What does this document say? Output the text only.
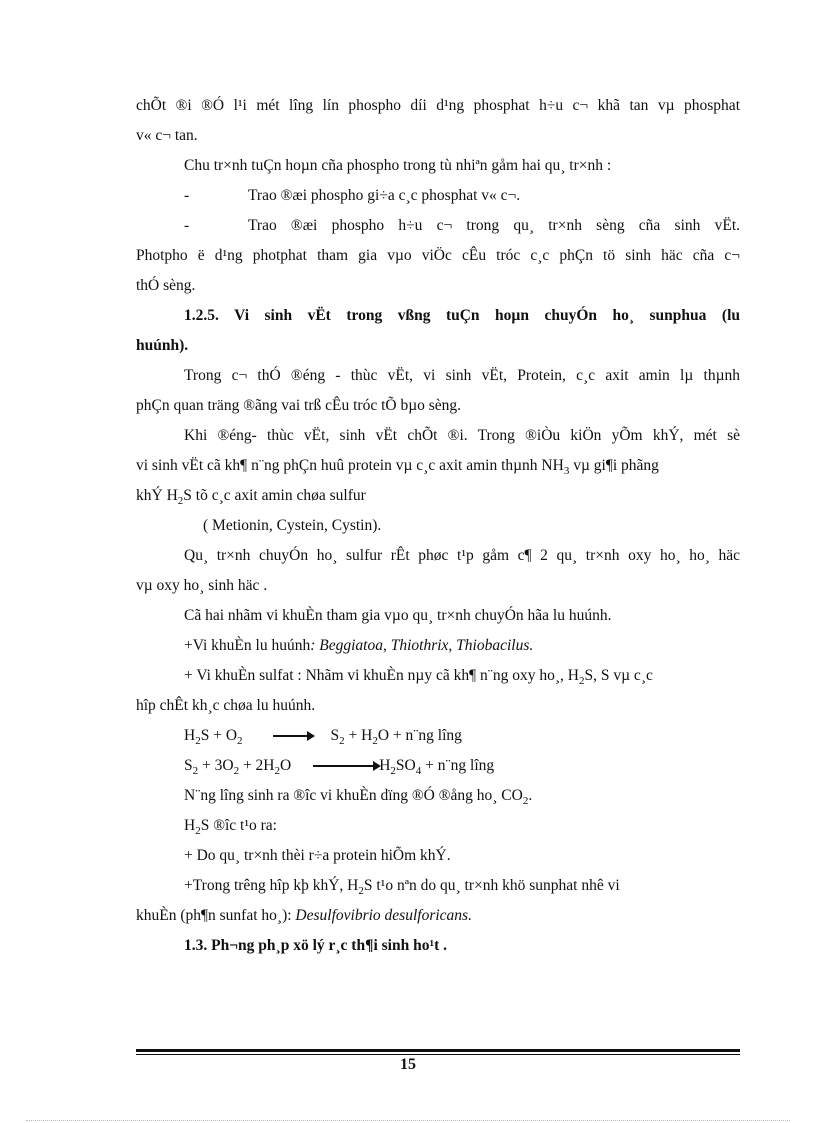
chÕt ®i ®Ó l¹i mét lîng lín phospho díi d¹ng phosphat h÷u c¬ khã tan vµ phosphat
v« c¬ tan.
Chu tr×nh tuÇn hoµn cña phospho trong tù nhiªn gåm hai qu¸ tr×nh :
-	Trao ®æi phospho gi÷a c¸c phosphat v« c¬.
-	Trao ®æi phospho h÷u c¬ trong qu¸ tr×nh sèng cña sinh vËt.
Photpho ë d¹ng photphat tham gia vµo viÖc cÊu tróc c¸c phÇn tö sinh häc cña c¬
thÓ sèng.
1.2.5. Vi sinh vËt trong vßng tuÇn hoµn chuyÓn ho¸ sunphua (lu
huúnh).
Trong c¬ thÓ ®éng - thùc vËt, vi sinh vËt, Protein, c¸c axit amin lµ thµnh
phÇn quan träng ®ãng vai trß cÊu tróc tÕ bµo sèng.
Khi ®éng- thùc vËt, sinh vËt chÕt ®i. Trong ®iÒu kiÖn yÕm khÝ, mét sè
vi sinh vËt cã kh¶ n¨ng phÇn huû protein vµ c¸c axit amin thµnh $NH_3$ vµ gi¶i phãng
khÝ $H_2S$ tõ c¸c axit amin chøa sulfur
( Metionin, Cystein, Cystin).
Qu¸ tr×nh chuyÓn ho¸ sulfur rÊt phøc t¹p gåm c¶ 2 qu¸ tr×nh oxy ho¸ ho¸ häc
vµ oxy ho¸ sinh häc .
Cã hai nhãm vi khuÈn tham gia vµo qu¸ tr×nh chuyÓn hãa lu huúnh.
+Vi khuÈn lu huúnh: Beggiatoa, Thiothrix, Thiobacilus.
+ Vi khuÈn sulfat : Nhãm vi khuÈn nµy cã kh¶ n¨ng oxy ho¸, $H_2S$, S vµ c¸c
hîp chÊt kh¸c chøa lu huúnh.
$H_2S + O_2$	$S_2 + H_2O$ + n¨ng lîng
$S_2 + 3O_2 + 2H_2O$	$H_2SO_4$ + n¨ng lîng
N¨ng lîng sinh ra ®îc vi khuÈn dïng ®Ó ®ång ho¸ $CO_2$.
$H_2S$ ®îc t¹o ra:
+ Do qu¸ tr×nh thèi r÷a protein hiÕm khÝ.
+Trong trêng hîp kþ khÝ, $H_2S$ t¹o nªn do qu¸ tr×nh khö sunphat nhê vi
khuÈn (ph¶n sunfat ho¸): Desulfovibrio desulforicans.
1.3. Ph¬ng ph¸p xö lý r¸c th¶i sinh ho¹t .
15
